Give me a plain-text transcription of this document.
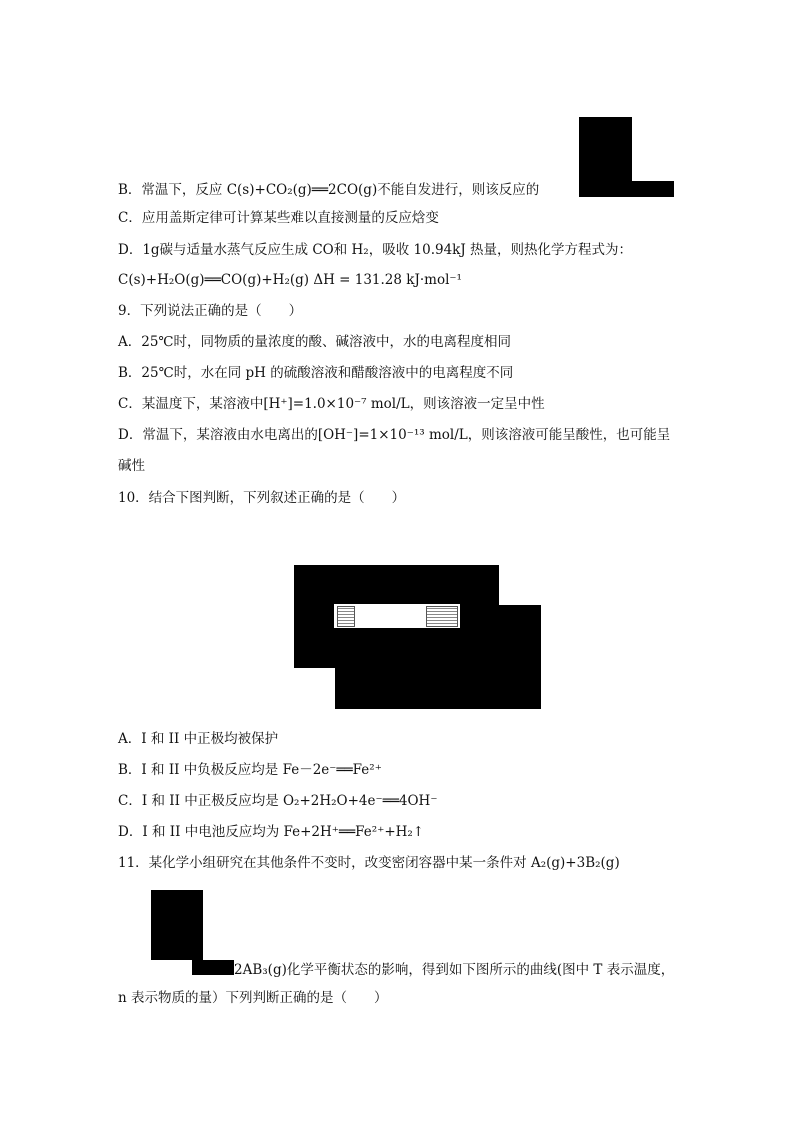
B．常温下，反应 C(s)+CO₂(g)══2CO(g)不能自发进行，则该反应的
C．应用盖斯定律可计算某些难以直接测量的反应焓变
D．1g碳与适量水蒸气反应生成 CO和 H₂，吸收 10.94kJ 热量，则热化学方程式为：
C(s)+H₂O(g)══CO(g)+H₂(g) ΔH = 131.28 kJ·mol⁻¹
9．下列说法正确的是（　　）
A．25℃时，同物质的量浓度的酸、碱溶液中，水的电离程度相同
B．25℃时，水在同 pH 的硫酸溶液和醋酸溶液中的电离程度不同
C．某温度下，某溶液中[H⁺]=1.0×10⁻⁷ mol/L，则该溶液一定呈中性
D．常温下，某溶液由水电离出的[OH⁻]=1×10⁻¹³ mol/L，则该溶液可能呈酸性，也可能呈
碱性
10．结合下图判断，下列叙述正确的是（　　）
A．I 和 II 中正极均被保护
B．I 和 II 中负极反应均是 Fe－2e⁻══Fe²⁺
C．I 和 II 中正极反应均是 O₂+2H₂O+4e⁻══4OH⁻
D．I 和 II 中电池反应均为 Fe+2H⁺══Fe²⁺+H₂↑
11．某化学小组研究在其他条件不变时，改变密闭容器中某一条件对 A₂(g)+3B₂(g)
2AB₃(g)化学平衡状态的影响，得到如下图所示的曲线(图中 T 表示温度，
n 表示物质的量）下列判断正确的是（　　）
